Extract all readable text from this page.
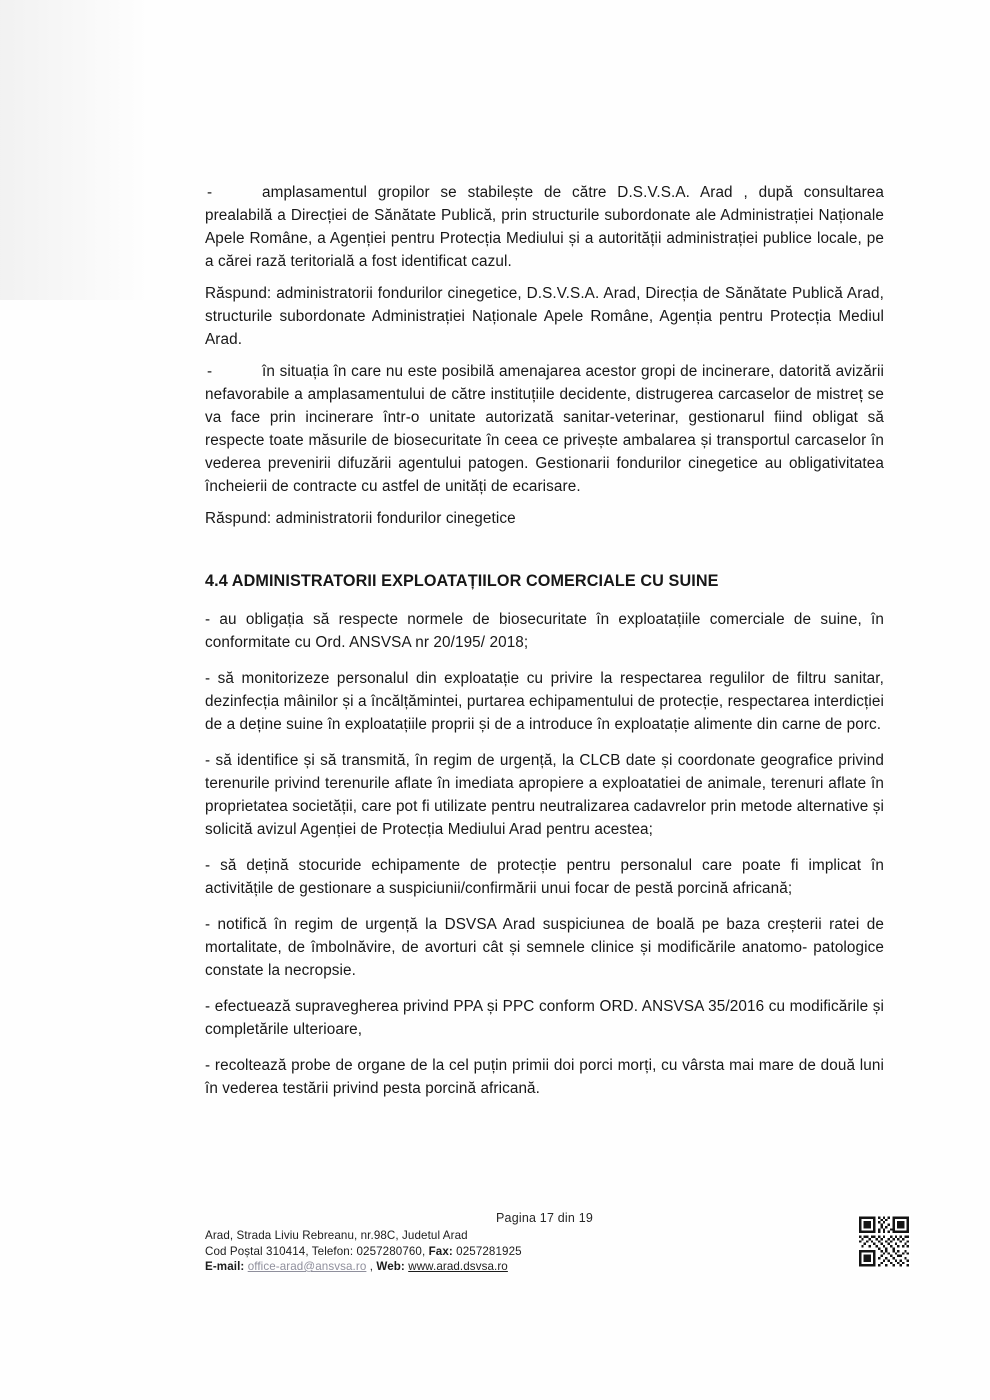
-	amplasamentul gropilor se stabilește de către D.S.V.S.A. Arad , după consultarea prealabilă a Direcției de Sănătate Publică, prin structurile subordonate ale Administrației Naționale Apele Române, a Agenției pentru Protecția Mediului și a autorității administrației publice locale, pe a cărei rază teritorială a fost identificat cazul.

Răspund: administratorii fondurilor cinegetice, D.S.V.S.A. Arad, Direcția de Sănătate Publică Arad, structurile subordonate Administrației Naționale Apele Române, Agenția pentru Protecția Mediul Arad.

-	în situația în care nu este posibilă amenajarea acestor gropi de incinerare, datorită avizării nefavorabile a amplasamentului de către instituțiile decidente, distrugerea carcaselor de mistreț se va face prin incinerare într-o unitate autorizată sanitar-veterinar, gestionarul fiind obligat să respecte toate măsurile de biosecuritate în ceea ce privește ambalarea și transportul carcaselor în vederea prevenirii difuzării agentului patogen. Gestionarii fondurilor cinegetice au obligativitatea încheierii de contracte cu astfel de unități de ecarisare.

Răspund: administratorii fondurilor cinegetice

4.4 ADMINISTRATORII EXPLOATAȚIILOR COMERCIALE CU SUINE

- au obligația să respecte normele de biosecuritate în exploatațiile comerciale de suine, în conformitate cu Ord. ANSVSA nr 20/195/ 2018;

- să monitorizeze personalul din exploatație cu privire la respectarea regulilor de filtru sanitar, dezinfecția mâinilor și a încălțămintei, purtarea echipamentului de protecție, respectarea interdicției de a deține suine în exploatațiile proprii și de a introduce în exploatație alimente din carne de porc.

- să identifice și să transmită, în regim de urgență, la CLCB date și coordonate geografice privind terenurile privind terenurile aflate în imediata apropiere a exploatatiei de animale, terenuri aflate în proprietatea societății, care pot fi utilizate pentru neutralizarea cadavrelor prin metode alternative și solicită avizul Agenției de Protecția Mediului Arad pentru acestea;

- să dețină stocuride echipamente de protecție pentru personalul care poate fi implicat în activitățile de gestionare a suspiciunii/confirmării unui focar de pestă porcină africană;

- notifică în regim de urgență la DSVSA Arad suspiciunea de boală pe baza creșterii ratei de mortalitate, de îmbolnăvire, de avorturi cât și semnele clinice și modificările anatomo- patologice constate la necropsie.

- efectuează supravegherea privind PPA și PPC conform ORD. ANSVSA 35/2016 cu modificările și completările ulterioare,

- recoltează probe de organe de la cel puțin primii doi porci morți, cu vârsta mai mare de două luni în vederea testării privind pesta porcină africană.

Pagina 17 din 19
Arad, Strada Liviu Rebreanu, nr.98C, Judetul Arad
Cod Poștal 310414, Telefon: 0257280760, Fax: 0257281925
E-mail: office-arad@ansvsa.ro , Web: www.arad.dsvsa.ro
